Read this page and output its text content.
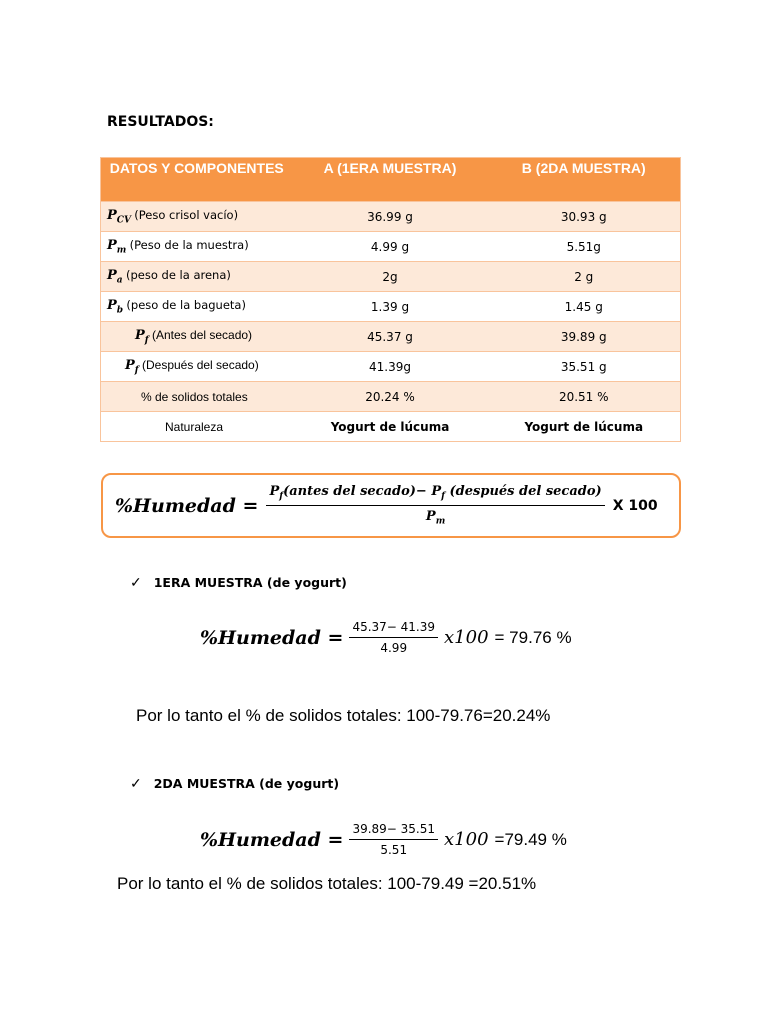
RESULTADOS:
DATOS Y COMPONENTES	A (1ERA MUESTRA)	B (2DA MUESTRA)
$P_{CV}$ (Peso crisol vacío)	36.99 g	30.93 g
$P_m$ (Peso de la muestra)	4.99 g	5.51g
$P_a$ (peso de la arena)	2g	2 g
$P_b$ (peso de la bagueta)	1.39 g	1.45 g
$P_f$ (Antes del secado)	45.37 g	39.89 g
$P_f$ (Después del secado)	41.39g	35.51 g
% de solidos totales	20.24 %	20.51 %
Naturaleza	Yogurt de lúcuma	Yogurt de lúcuma
%Humedad = $\frac{P_f(antes del secado)- P_f (después del secado)}{P_m}$ X 100
✓ 1ERA MUESTRA (de yogurt)
%Humedad = $\frac{45.37- 41.39}{4.99} x100 = 79.76$ %
Por lo tanto el % de solidos totales: 100-79.76=20.24%
✓ 2DA MUESTRA (de yogurt)
%Humedad = $\frac{39.89- 35.51}{5.51} x100 =79.49$ %
Por lo tanto el % de solidos totales: 100-79.49 =20.51%
